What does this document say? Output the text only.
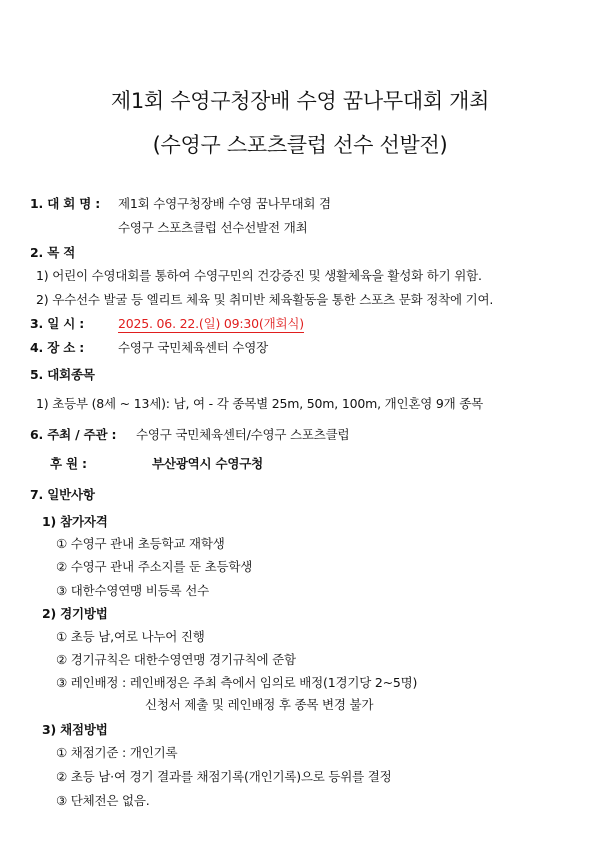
제1회 수영구청장배 수영 꿈나무대회 개최
(수영구 스포츠클럽 선수 선발전)
1. 대 회 명 : 제1회 수영구청장배 수영 꿈나무대회 겸
수영구 스포츠클럽 선수선발전 개최
2. 목 적
1) 어린이 수영대회를 통하여 수영구민의 건강증진 및 생활체육을 활성화 하기 위함.
2) 우수선수 발굴 등 엘리트 체육 및 취미반 체육활동을 통한 스포츠 문화 정착에 기여.
3. 일 시 :	2025. 06. 22.(일) 09:30(개회식)
4. 장 소 :	수영구 국민체육센터 수영장
5. 대회종목
1) 초등부 (8세 ~ 13세): 남, 여 - 각 종목별 25m, 50m, 100m, 개인혼영 9개 종목
6. 주최 / 주관 : 수영구 국민체육센터/수영구 스포츠클럽
후 원 :	부산광역시 수영구청
7. 일반사항
1) 참가자격
① 수영구 관내 초등학교 재학생
② 수영구 관내 주소지를 둔 초등학생
③ 대한수영연맹 비등록 선수
2) 경기방법
① 초등 남,여로 나누어 진행
② 경기규칙은 대한수영연맹 경기규칙에 준함
③ 레인배정 : 레인배정은 주최 측에서 임의로 배정(1경기당 2~5명)
신청서 제출 및 레인배정 후 종목 변경 불가
3) 채점방법
① 채점기준 : 개인기록
② 초등 남·여 경기 결과를 채점기록(개인기록)으로 등위를 결정
③ 단체전은 없음.
